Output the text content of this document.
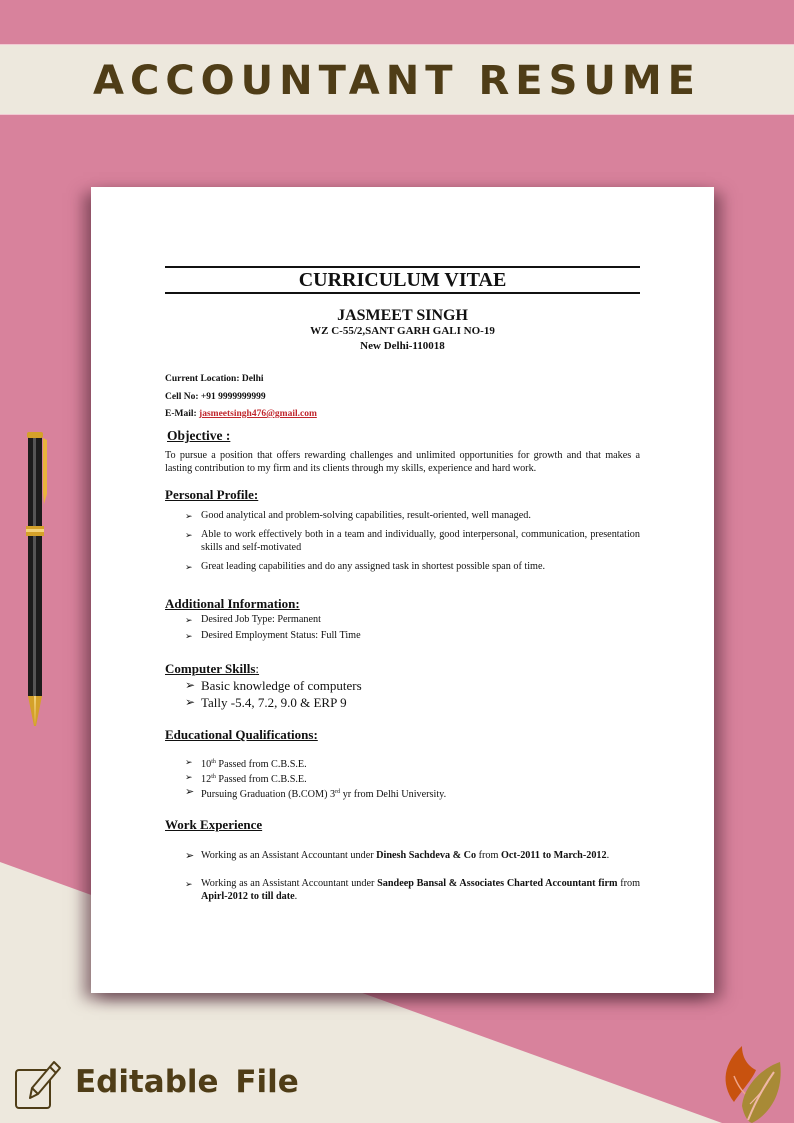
ACCOUNTANT RESUME
CURRICULUM VITAE
JASMEET SINGH
WZ C-55/2,SANT GARH GALI NO-19
New Delhi-110018
Current Location: Delhi
Cell No: +91 9999999999
E-Mail: jasmeetsingh476@gmail.com
Objective :
To pursue a position that offers rewarding challenges and unlimited opportunities for growth and that makes a lasting contribution to my firm and its clients through my skills, experience and hard work.
Personal Profile:
➢ Good analytical and problem-solving capabilities, result-oriented, well managed.
➢ Able to work effectively both in a team and individually, good interpersonal, communication, presentation skills and self-motivated
➢ Great leading capabilities and do any assigned task in shortest possible span of time.
Additional Information:
➢ Desired Job Type: Permanent
➢ Desired Employment Status: Full Time
Computer Skills:
➢ Basic knowledge of computers
➢ Tally -5.4, 7.2, 9.0 & ERP 9
Educational Qualifications:
➢ 10th Passed from C.B.S.E.
➢ 12th Passed from C.B.S.E.
➢ Pursuing Graduation (B.COM) 3rd yr from Delhi University.
Work Experience
➢ Working as an Assistant Accountant under Dinesh Sachdeva & Co from Oct-2011 to March-2012.
➢ Working as an Assistant Accountant under Sandeep Bansal & Associates Charted Accountant firm from Apirl-2012 to till date.
Editable File
